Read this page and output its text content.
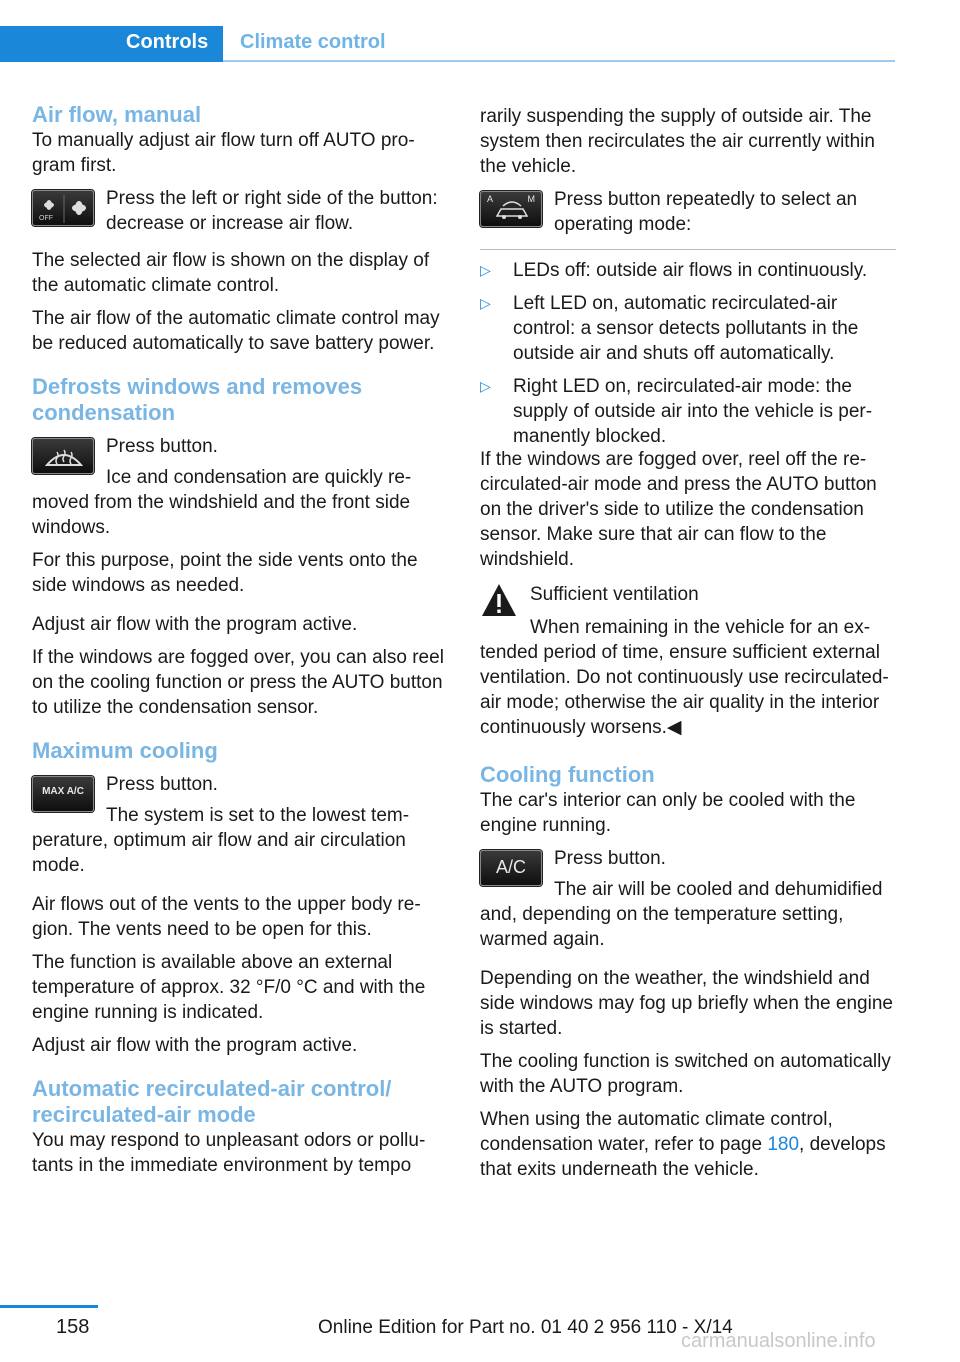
Controls	Climate control
Air flow, manual

To manually adjust air flow turn off AUTO program first.

OFF

Press the left or right side of the button: decrease or increase air flow.

The selected air flow is shown on the display of the automatic climate control.

The air flow of the automatic climate control may be reduced automatically to save battery power.

Defrosts windows and removes condensation

Press button.

Ice and condensation are quickly removed from the windshield and the front side windows.

For this purpose, point the side vents onto the side windows as needed.

Adjust air flow with the program active.

If the windows are fogged over, you can also reel on the cooling function or press the AUTO button to utilize the condensation sensor.

Maximum cooling
MAX A/C	Press button.

The system is set to the lowest temperature, optimum air flow and air circulation mode.

Air flows out of the vents to the upper body region. The vents need to be open for this.

The function is available above an external temperature of approx. 32 °F/0 °C and with the engine running is indicated.

Adjust air flow with the program active.

Automatic recirculated-air control/ recirculated-air mode

You may respond to unpleasant odors or pollutants in the immediate environment by tempo

rarily suspending the supply of outside air. The system then recirculates the air currently within the vehicle.

A	M Press button repeatedly to select an operating mode:

▷	LEDs off: outside air flows in continuously.
▷	Left LED on, automatic recirculated-air control: a sensor detects pollutants in the outside air and shuts off automatically.
▷	Right LED on, recirculated-air mode: the supply of outside air into the vehicle is permanently blocked.

If the windows are fogged over, reel off the recirculated-air mode and press the AUTO button on the driver's side to utilize the condensation sensor. Make sure that air can flow to the windshield.

Sufficient ventilation

When remaining in the vehicle for an extended period of time, ensure sufficient external ventilation. Do not continuously use recirculated-air mode; otherwise the air quality in the interior continuously worsens.◀

Cooling function

The car's interior can only be cooled with the engine running.

A/C	Press button.

The air will be cooled and dehumidified and, depending on the temperature setting, warmed again.

Depending on the weather, the windshield and side windows may fog up briefly when the engine is started.

The cooling function is switched on automatically with the AUTO program.

When using the automatic climate control, condensation water, refer to page 180, develops that exits underneath the vehicle.

158	Online Edition for Part no. 01 40 2 956 110 - X/14
carmanualsonline.info
